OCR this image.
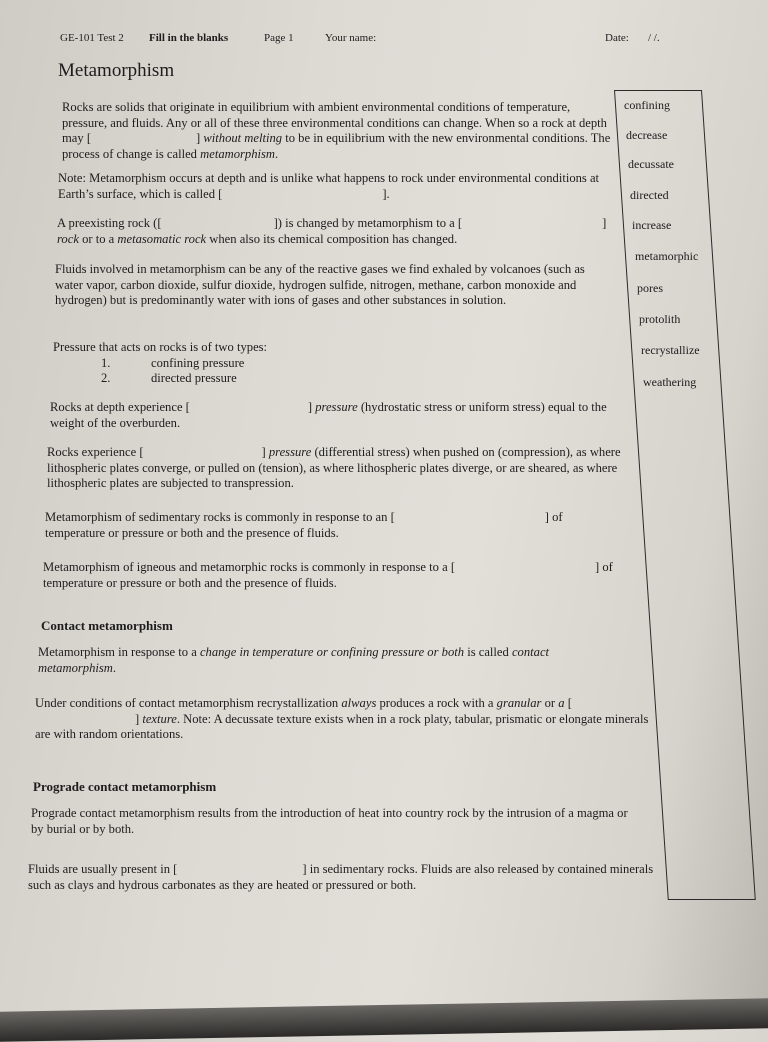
GE-101 Test 2 Fill in the blanks	Page 1	Your name:	Date: / /.
Metamorphism
confining
decrease
decussate
directed
increase
metamorphic
pores
protolith
recrystallize
weathering
Rocks are solids that originate in equilibrium with ambient environmental conditions of temperature, pressure, and fluids. Any or all of these three environmental conditions can change. When so a rock at depth may [	] without melting to be in equilibrium with the new environmental conditions. The process of change is called metamorphism.
Note: Metamorphism occurs at depth and is unlike what happens to rock under environmental conditions at Earth’s surface, which is called [	].
A preexisting rock ([	]) is changed by metamorphism to a [	] rock or to a metasomatic rock when also its chemical composition has changed.
Fluids involved in metamorphism can be any of the reactive gases we find exhaled by volcanoes (such as water vapor, carbon dioxide, sulfur dioxide, hydrogen sulfide, nitrogen, methane, carbon monoxide and hydrogen) but is predominantly water with ions of gases and other substances in solution.
Pressure that acts on rocks is of two types:
1.	confining pressure
2.	directed pressure
Rocks at depth experience [	] pressure (hydrostatic stress or uniform stress) equal to the weight of the overburden.
Rocks experience [	] pressure (differential stress) when pushed on (compression), as where lithospheric plates converge, or pulled on (tension), as where lithospheric plates diverge, or are sheared, as where lithospheric plates are subjected to transpression.
Metamorphism of sedimentary rocks is commonly in response to an [	] of temperature or pressure or both and the presence of fluids.
Metamorphism of igneous and metamorphic rocks is commonly in response to a [	] of temperature or pressure or both and the presence of fluids.
Contact metamorphism
Metamorphism in response to a change in temperature or confining pressure or both is called contact metamorphism.
Under conditions of contact metamorphism recrystallization always produces a rock with a granular or a [] texture. Note: A decussate texture exists when in a rock platy, tabular, prismatic or elongate minerals are with random orientations.
Prograde contact metamorphism
Prograde contact metamorphism results from the introduction of heat into country rock by the intrusion of a magma or by burial or by both.
Fluids are usually present in [	] in sedimentary rocks. Fluids are also released by contained minerals such as clays and hydrous carbonates as they are heated or pressured or both.
